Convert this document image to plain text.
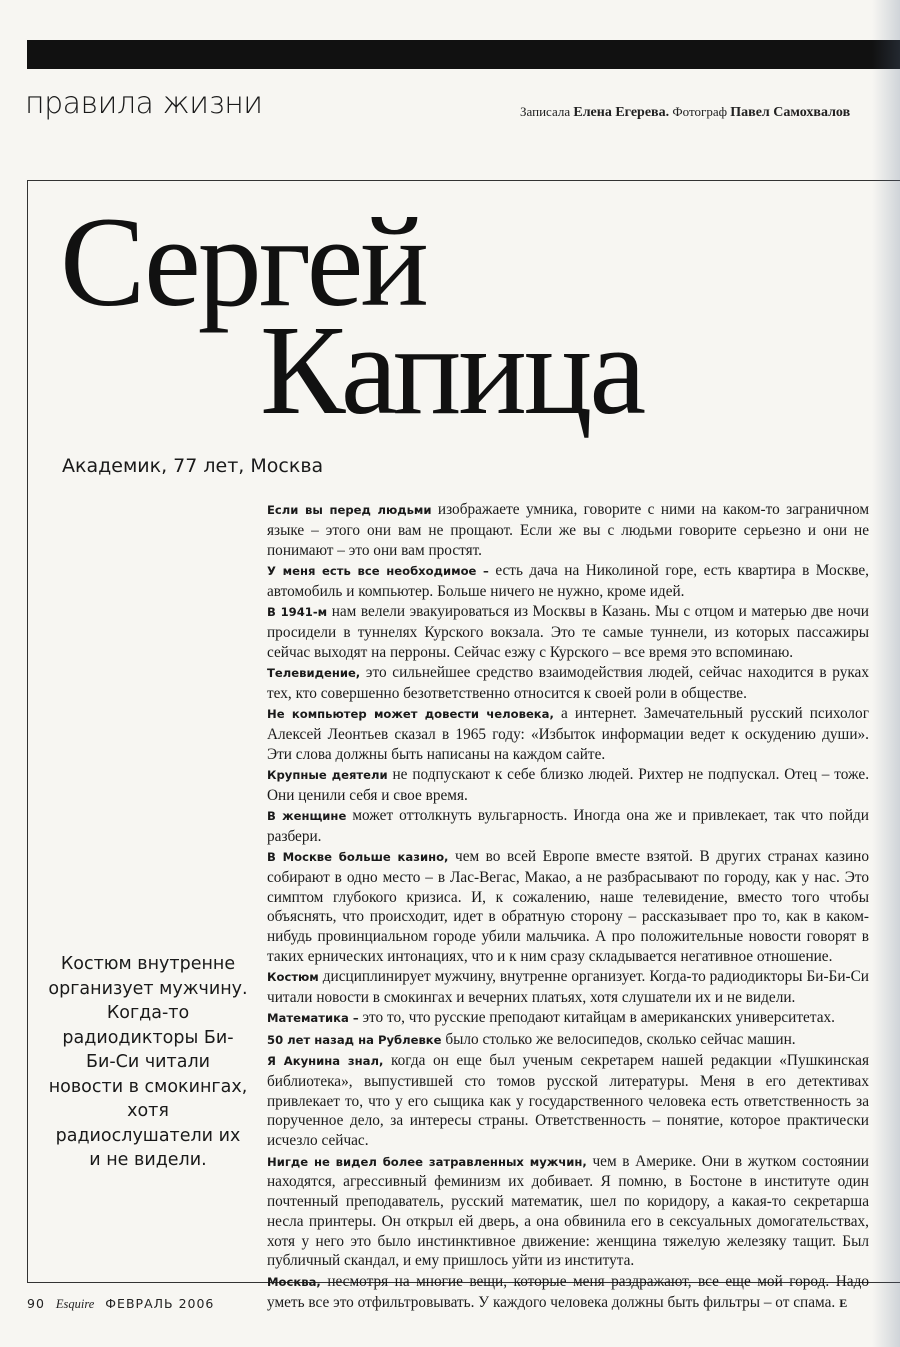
правила жизни	Записала Елена Егерева. Фотограф Павел Самохвалов
Сергей

Капица
Академик, 77 лет, Москва
Костюм внутренне организует мужчину. Когда-то радиодикторы Би-Би-Си читали новости в смокингах, хотя радиослушатели их и не видели.

Если вы перед людьми изображаете умника, говорите с ними на каком-то заграничном языке – этого они вам не прощают. Если же вы с людьми говорите серьезно и они не понимают – это они вам простят.

У меня есть все необходимое – есть дача на Николиной горе, есть квартира в Москве, автомобиль и компьютер. Больше ничего не нужно, кроме идей.

В 1941-м нам велели эвакуироваться из Москвы в Казань. Мы с отцом и матерью две ночи просидели в туннелях Курского вокзала. Это те самые туннели, из которых пассажиры сейчас выходят на перроны. Сейчас езжу с Курского – все время это вспоминаю.

Телевидение, это сильнейшее средство взаимодействия людей, сейчас находится в руках тех, кто совершенно безответственно относится к своей роли в обществе.

Не компьютер может довести человека, а интернет. Замечательный русский психолог Алексей Леонтьев сказал в 1965 году: «Избыток информации ведет к оскудению души». Эти слова должны быть написаны на каждом сайте.

Крупные деятели не подпускают к себе близко людей. Рихтер не подпускал. Отец – тоже. Они ценили себя и свое время.

В женщине может оттолкнуть вульгарность. Иногда она же и привлекает, так что пойди разбери.

В Москве больше казино, чем во всей Европе вместе взятой. В других странах казино собирают в одно место – в Лас-Вегас, Макао, а не разбрасывают по городу, как у нас. Это симптом глубокого кризиса. И, к сожалению, наше телевидение, вместо того чтобы объяснять, что происходит, идет в обратную сторону – рассказывает про то, как в каком-нибудь провинциальном городе убили мальчика. А про положительные новости говорят в таких ернических интонациях, что и к ним сразу складывается негативное отношение.

Костюм дисциплинирует мужчину, внутренне организует. Когда-то радиодикторы Би-Би-Си читали новости в смокингах и вечерних платьях, хотя слушатели их и не видели.

Математика – это то, что русские преподают китайцам в американских университетах.

50 лет назад на Рублевке было столько же велосипедов, сколько сейчас машин.

Я Акунина знал, когда он еще был ученым секретарем нашей редакции «Пушкинская библиотека», выпустившей сто томов русской литературы. Меня в его детективах привлекает то, что у его сыщика как у государственного человека есть ответственность за порученное дело, за интересы страны. Ответственность – понятие, которое практически исчезло сейчас.

Нигде не видел более затравленных мужчин, чем в Америке. Они в жутком состоянии находятся, агрессивный феминизм их добивает. Я помню, в Бостоне в институте один почтенный преподаватель, русский математик, шел по коридору, а какая-то секретарша несла принтеры. Он открыл ей дверь, а она обвинила его в сексуальных домогательствах, хотя у него это было инстинктивное движение: женщина тяжелую железяку тащит. Был публичный скандал, и ему пришлось уйти из института.

Москва, несмотря на многие вещи, которые меня раздражают, все еще мой город. Надо уметь все это отфильтровывать. У каждого человека должны быть фильтры – от спама. E

90 Esquire ФЕВРАЛЬ 2006
